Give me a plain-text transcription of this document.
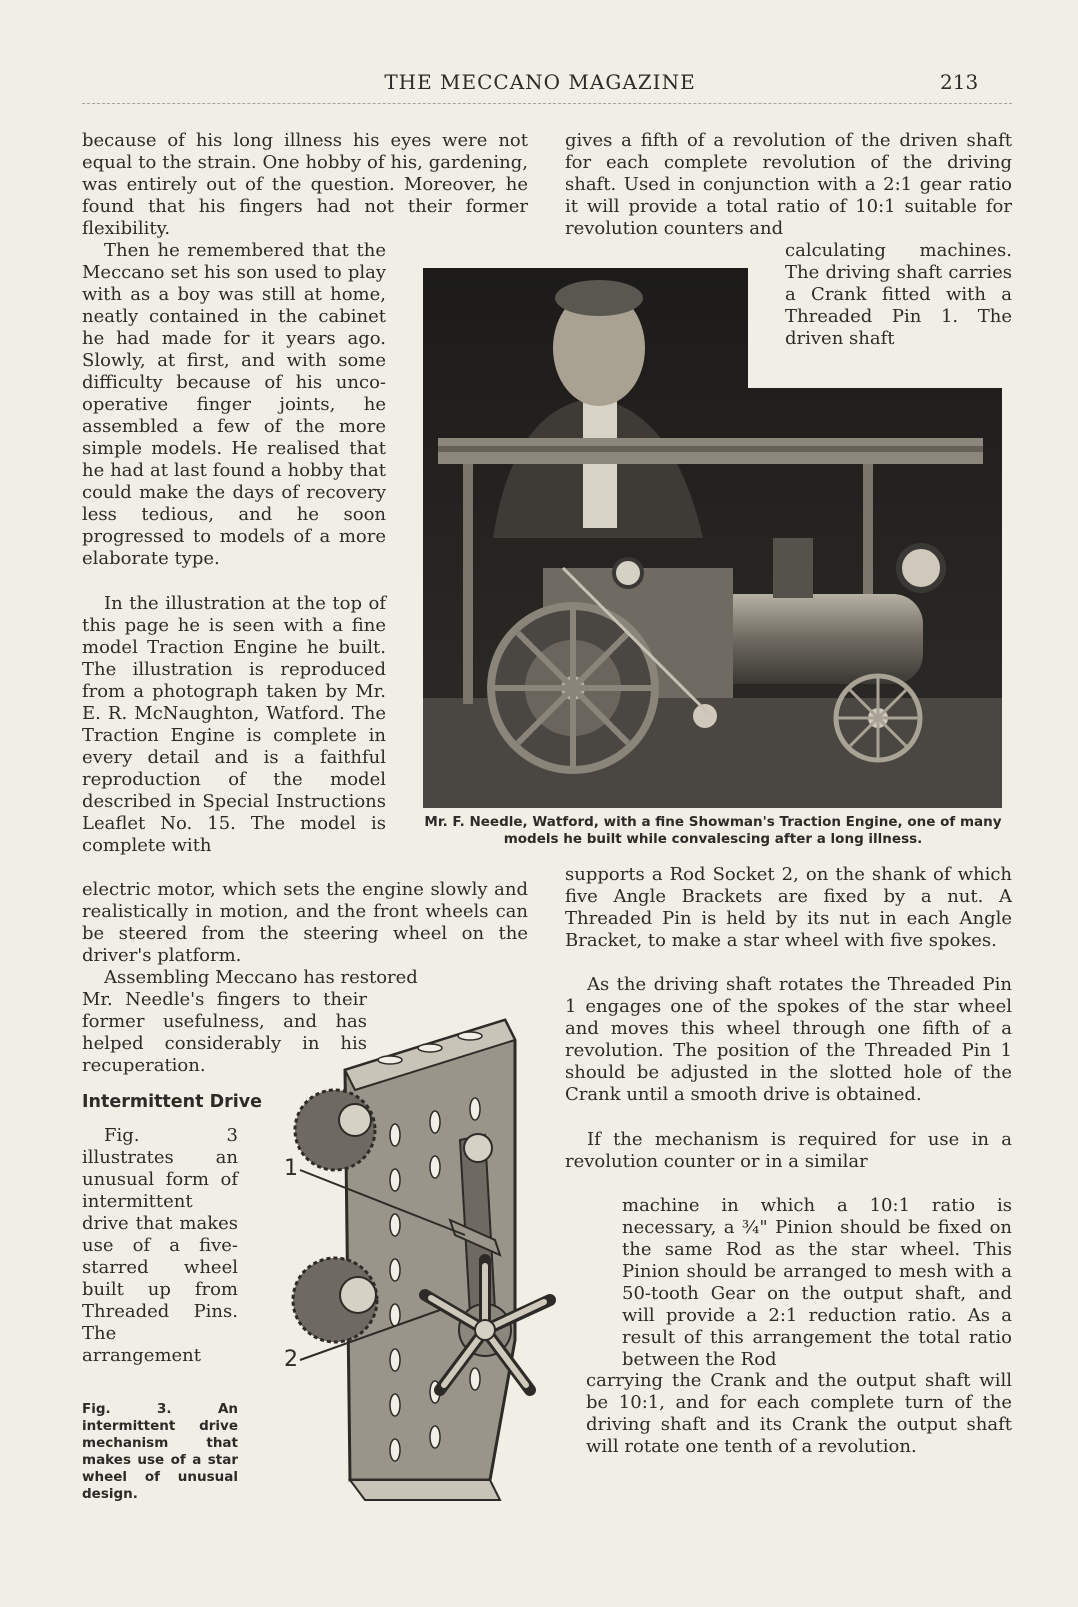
THE MECCANO MAGAZINE	213

because of his long illness his eyes were not equal to the strain. One hobby of his, gardening, was entirely out of the question. Moreover, he found that his fingers had not their former flexibility.

Then he remembered that the Meccano set his son used to play with as a boy was still at home, neatly contained in the cabinet he had made for it years ago. Slowly, at first, and with some difficulty because of his unco-operative finger joints, he assembled a few of the more simple models. He realised that he had at last found a hobby that could make the days of recovery less tedious, and he soon progressed to models of a more elaborate type.

In the illustration at the top of this page he is seen with a fine model Traction Engine he built. The illustration is reproduced from a photograph taken by Mr. E. R. McNaughton, Watford. The Traction Engine is complete in every detail and is a faithful reproduction of the model described in Special Instructions Leaflet No. 15. The model is complete with

electric motor, which sets the engine slowly and realistically in motion, and the front wheels can be steered from the steering wheel on the driver's platform.

Assembling Meccano has restored

Mr. Needle's fingers to their former usefulness, and has helped considerably in his recuperation.

Intermittent Drive

Fig. 3 illustrates an unusual form of intermittent drive that makes use of a five-starred wheel built up from Threaded Pins. The arrangement

Fig. 3. An intermittent drive mechanism that makes use of a star wheel of unusual design.

gives a fifth of a revolution of the driven shaft for each complete revolution of the driving shaft. Used in conjunction with a 2:1 gear ratio it will provide a total ratio of 10:1 suitable for revolution counters and

calculating machines. The driving shaft carries a Crank fitted with a Threaded Pin 1. The driven shaft

Mr. F. Needle, Watford, with a fine Showman's Traction Engine, one of many models he built while convalescing after a long illness.

supports a Rod Socket 2, on the shank of which five Angle Brackets are fixed by a nut. A Threaded Pin is held by its nut in each Angle Bracket, to make a star wheel with five spokes.

As the driving shaft rotates the Threaded Pin 1 engages one of the spokes of the star wheel and moves this wheel through one fifth of a revolution. The position of the Threaded Pin 1 should be adjusted in the slotted hole of the Crank until a smooth drive is obtained.

If the mechanism is required for use in a revolution counter or in a similar

machine in which a 10:1 ratio is necessary, a ¾" Pinion should be fixed on the same Rod as the star wheel. This Pinion should be arranged to mesh with a 50-tooth Gear on the output shaft, and will provide a 2:1 reduction ratio. As a result of this arrangement the total ratio between the Rod

carrying the Crank and the output shaft will be 10:1, and for each complete turn of the driving shaft and its Crank the output shaft will rotate one tenth of a revolution.

1
2
